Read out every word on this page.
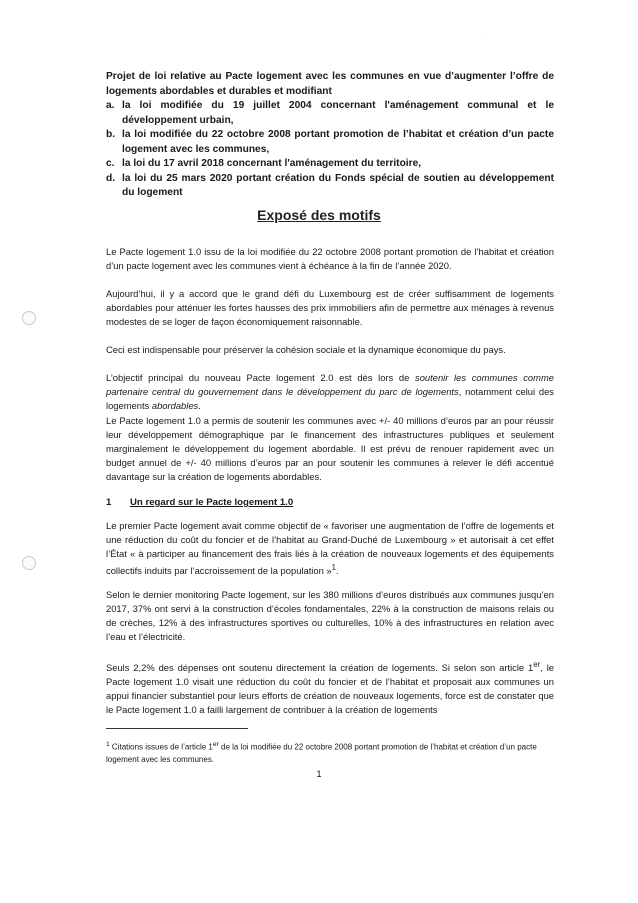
·

Projet de loi relative au Pacte logement avec les communes en vue d’augmenter l’offre de logements abordables et durables et modifiant

a. la loi modifiée du 19 juillet 2004 concernant l'aménagement communal et le développement urbain,
b. la loi modifiée du 22 octobre 2008 portant promotion de l’habitat et création d’un pacte logement avec les communes,
c. la loi du 17 avril 2018 concernant l'aménagement du territoire,
d. la loi du 25 mars 2020 portant création du Fonds spécial de soutien au développement du logement
Exposé des motifs

Le Pacte logement 1.0 issu de la loi modifiée du 22 octobre 2008 portant promotion de l’habitat et création d’un pacte logement avec les communes vient à échéance à la fin de l’année 2020.

Aujourd’hui, il y a accord que le grand défi du Luxembourg est de créer suffisamment de logements abordables pour atténuer les fortes hausses des prix immobiliers afin de permettre aux ménages à revenus modestes de se loger de façon économiquement raisonnable.

Ceci est indispensable pour préserver la cohésion sociale et la dynamique économique du pays.

L’objectif principal du nouveau Pacte logement 2.0 est dès lors de soutenir les communes comme partenaire central du gouvernement dans le développement du parc de logements, notamment celui des logements abordables.

Le Pacte logement 1.0 a permis de soutenir les communes avec +/- 40 millions d’euros par an pour réussir leur développement démographique par le financement des infrastructures publiques et seulement marginalement le développement du logement abordable. Il est prévu de renouer rapidement avec un budget annuel de +/- 40 millions d’euros par an pour soutenir les communes à relever le défi accentué davantage sur la création de logements abordables.

1 Un regard sur le Pacte logement 1.0

Le premier Pacte logement avait comme objectif de « favoriser une augmentation de l’offre de logements et une réduction du coût du foncier et de l’habitat au Grand-Duché de Luxembourg » et autorisait à cet effet l’État « à participer au financement des frais liés à la création de nouveaux logements et des équipements collectifs induits par l’accroissement de la population »$^1$.

Selon le dernier monitoring Pacte logement, sur les 380 millions d’euros distribués aux communes jusqu’en 2017, 37% ont servi à la construction d’écoles fondamentales, 22% à la construction de maisons relais ou de crèches, 12% à des infrastructures sportives ou culturelles, 10% à des infrastructures en relation avec l’eau et l’électricité.

Seuls 2,2% des dépenses ont soutenu directement la création de logements. Si selon son article 1er, le Pacte logement 1.0 visait une réduction du coût du foncier et de l’habitat et proposait aux communes un appui financier substantiel pour leurs efforts de création de nouveaux logements, force est de constater que le Pacte logement 1.0 a failli largement de contribuer à la création de logements

$^1$ Citations issues de l’article 1er de la loi modifiée du 22 octobre 2008 portant promotion de l’habitat et création d’un pacte logement avec les communes.

1
